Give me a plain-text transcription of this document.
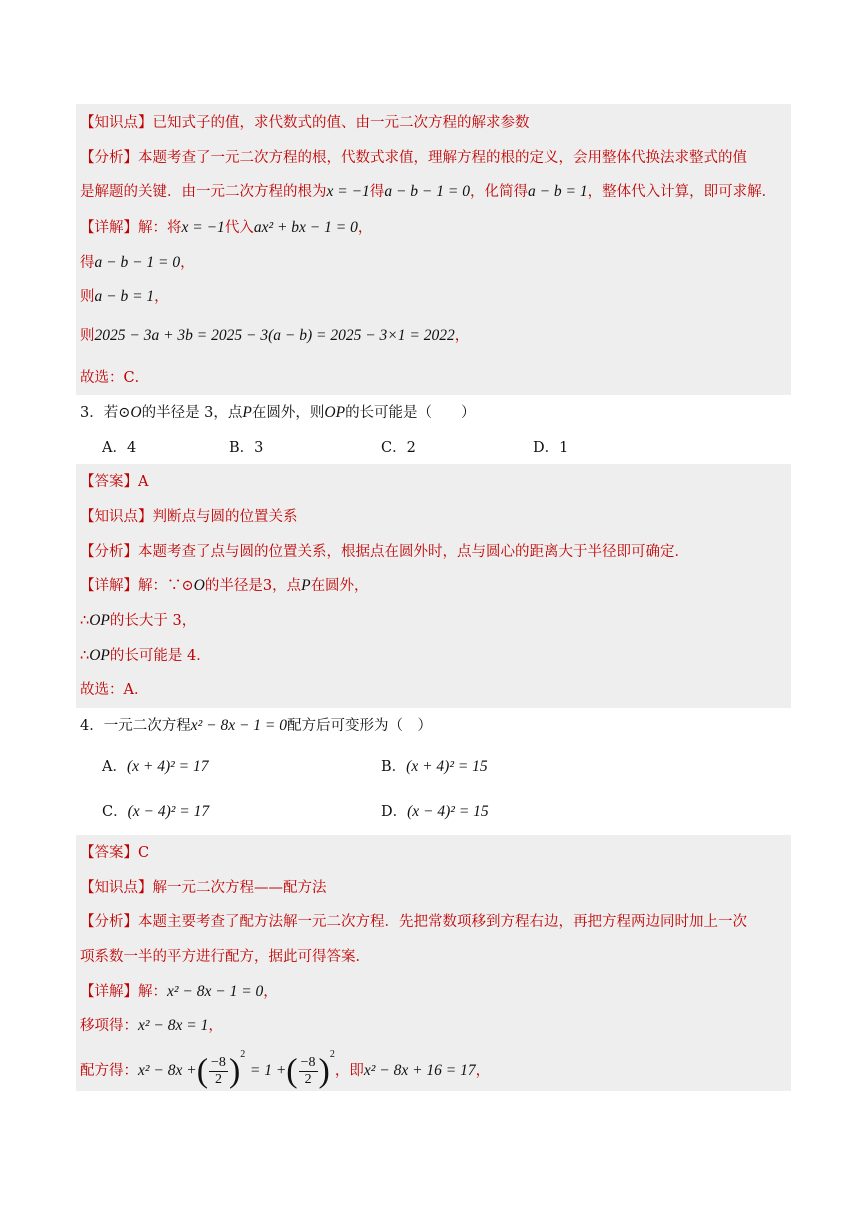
【知识点】已知式子的值，求代数式的值、由一元二次方程的解求参数
【分析】本题考查了一元二次方程的根，代数式求值，理解方程的根的定义，会用整体代换法求整式的值
是解题的关键．由一元二次方程的根为x = −1得a − b − 1 = 0，化简得a − b = 1，整体代入计算，即可求解．
【详解】解：将x = −1代入ax² + bx − 1 = 0，
得a − b − 1 = 0，
则a − b = 1，
则2025 − 3a + 3b = 2025 − 3(a − b) = 2025 − 3×1 = 2022，
故选：C．
3．若⊙O的半径是 3，点P在圆外，则OP的长可能是（　　）
A．4	B．3	C．2	D．1
【答案】A
【知识点】判断点与圆的位置关系
【分析】本题考查了点与圆的位置关系，根据点在圆外时，点与圆心的距离大于半径即可确定．
【详解】解：∵⊙O的半径是3，点P在圆外，
∴OP的长大于 3，
∴OP的长可能是 4．
故选：A．
4．一元二次方程x² − 8x − 1 = 0配方后可变形为（　）
A．(x + 4)² = 17	B．(x + 4)² = 15
C．(x − 4)² = 17	D．(x − 4)² = 15
【答案】C
【知识点】解一元二次方程——配方法
【分析】本题主要考查了配方法解一元二次方程．先把常数项移到方程右边，再把方程两边同时加上一次
项系数一半的平方进行配方，据此可得答案．
【详解】解：x² − 8x − 1 = 0，
移项得：x² − 8x = 1，
配方得：x² − 8x +( $\frac{-8}{2} )^2 = 1$ +( $\frac{-8}{2} )^2$，即x² − 8x + 16 = 17，
